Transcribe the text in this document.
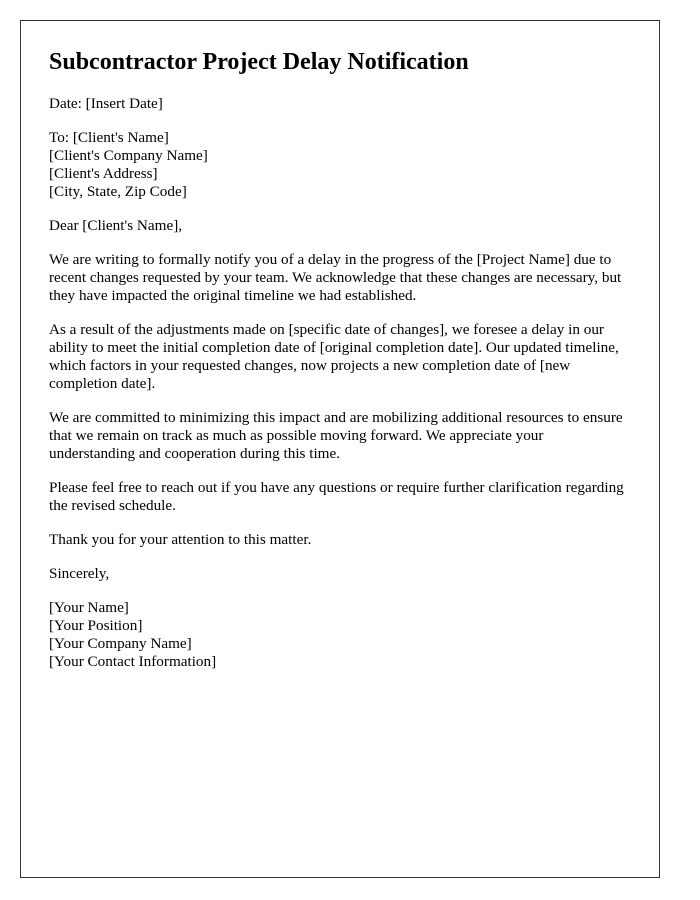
Subcontractor Project Delay Notification

Date: [Insert Date]

To: [Client's Name]
[Client's Company Name]
[Client's Address]
[City, State, Zip Code]

Dear [Client's Name],

We are writing to formally notify you of a delay in the progress of the [Project Name] due to recent changes requested by your team. We acknowledge that these changes are necessary, but they have impacted the original timeline we had established.

As a result of the adjustments made on [specific date of changes], we foresee a delay in our ability to meet the initial completion date of [original completion date]. Our updated timeline, which factors in your requested changes, now projects a new completion date of [new completion date].

We are committed to minimizing this impact and are mobilizing additional resources to ensure that we remain on track as much as possible moving forward. We appreciate your understanding and cooperation during this time.

Please feel free to reach out if you have any questions or require further clarification regarding the revised schedule.

Thank you for your attention to this matter.

Sincerely,

[Your Name]
[Your Position]
[Your Company Name]
[Your Contact Information]
